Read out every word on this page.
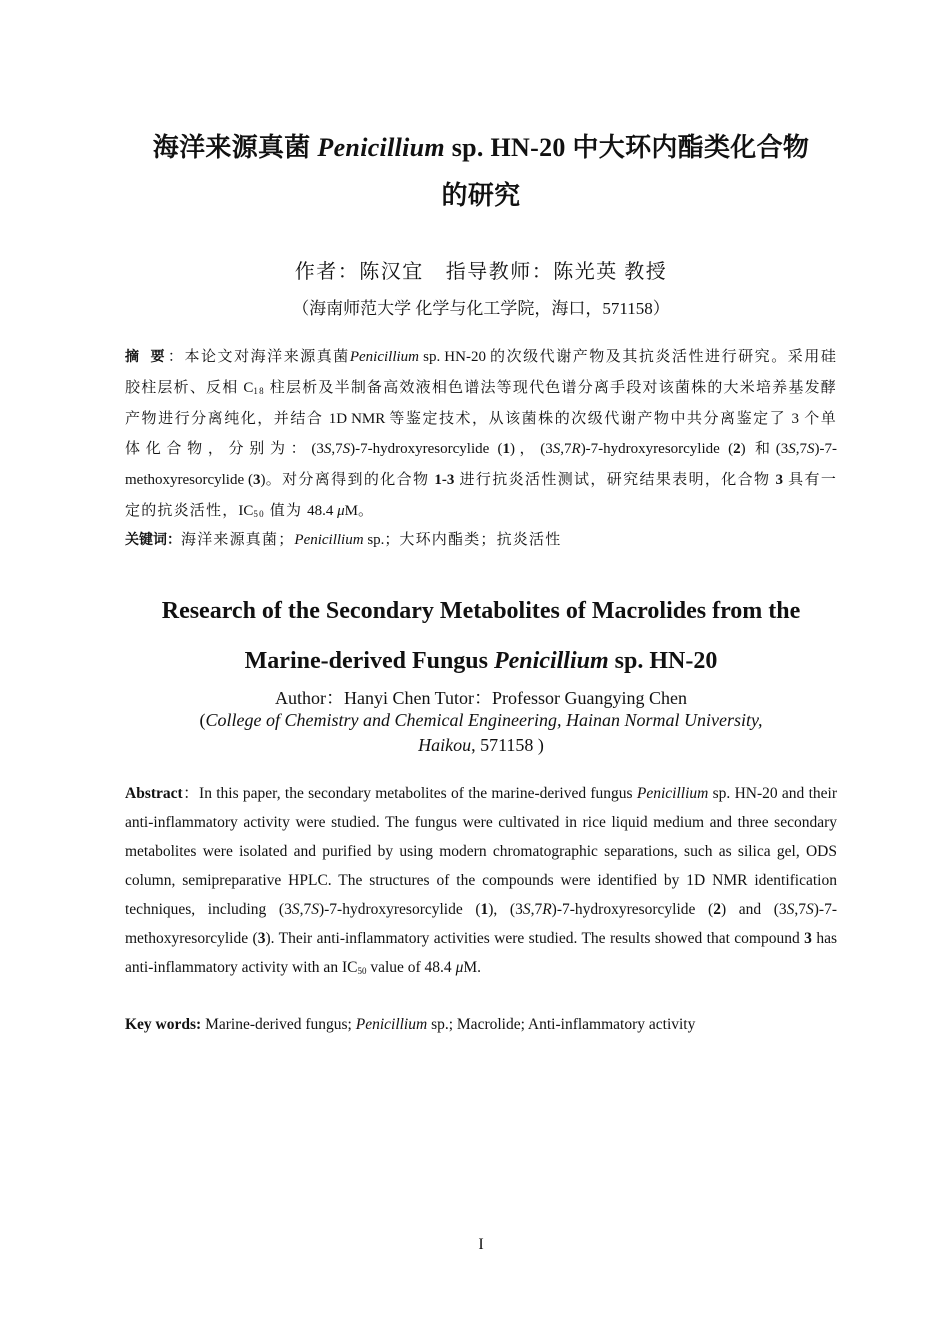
海洋来源真菌 Penicillium sp. HN-20 中大环内酯类化合物
的研究
作者：陈汉宜 指导教师：陈光英 教授
（海南师范大学 化学与化工学院，海口，571158）
摘 要：本论文对海洋来源真菌Penicillium sp. HN-20 的次级代谢产物及其抗炎活性进行研究。采用硅胶柱层析、反相 $C_{18}$ 柱层析及半制备高效液相色谱法等现代色谱分离手段对该菌株的大米培养基发酵产物进行分离纯化，并结合 1D NMR 等鉴定技术，从该菌株的次级代谢产物中共分离鉴定了 3 个单体化合物，分别为：(3S,7S)-7-hydroxyresorcylide (1)，(3S,7R)-7-hydroxyresorcylide (2) 和(3S,7S)-7-methoxyresorcylide (3)。对分离得到的化合物 1-3 进行抗炎活性测试，研究结果表明，化合物 3 具有一定的抗炎活性，$IC_{50}$ 值为 48.4 μM。
关键词：海洋来源真菌；Penicillium sp.；大环内酯类；抗炎活性
Research of the Secondary Metabolites of Macrolides from the
Marine-derived Fungus Penicillium sp. HN-20
Author：Hanyi Chen Tutor：Professor Guangying Chen
(College of Chemistry and Chemical Engineering, Hainan Normal University,
Haikou, 571158 )
Abstract：In this paper, the secondary metabolites of the marine-derived fungus Penicillium sp. HN-20 and their anti-inflammatory activity were studied. The fungus were cultivated in rice liquid medium and three secondary metabolites were isolated and purified by using modern chromatographic separations, such as silica gel, ODS column, semipreparative HPLC. The structures of the compounds were identified by 1D NMR identification techniques, including (3S,7S)-7-hydroxyresorcylide (1), (3S,7R)-7-hydroxyresorcylide (2) and (3S,7S)-7-methoxyresorcylide (3). Their anti-inflammatory activities were studied. The results showed that compound 3 has anti-inflammatory activity with an $IC_{50}$ value of 48.4 μM.
Key words: Marine-derived fungus; Penicillium sp.; Macrolide; Anti-inflammatory activity
I
